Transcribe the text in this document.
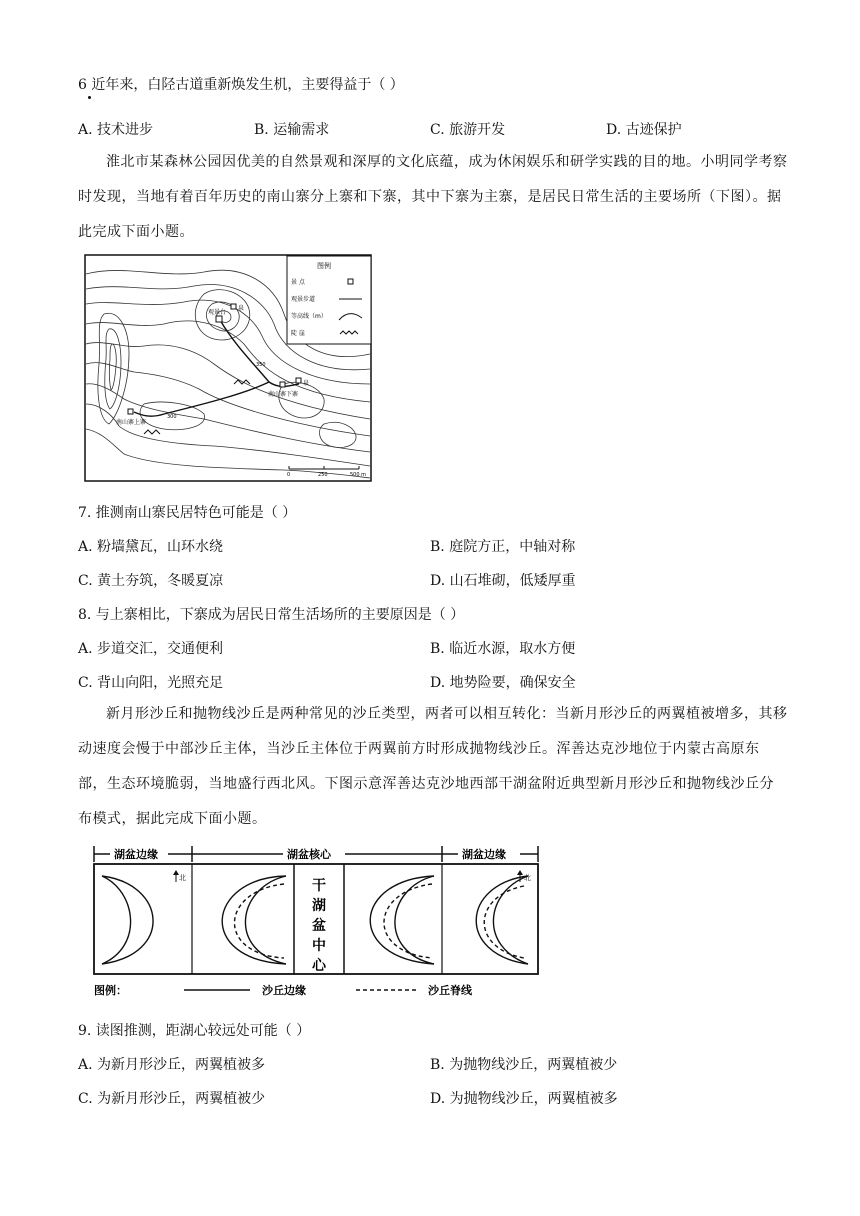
6 近年来，白陉古道重新焕发生机，主要得益于（ ）
A. 技术进步	B. 运输需求	C. 旅游开发	D. 古迹保护
淮北市某森林公园因优美的自然景观和深厚的文化底蕴，成为休闲娱乐和研学实践的目的地。小明同学考察时发现，当地有着百年历史的南山寨分上寨和下寨，其中下寨为主寨，是居民日常生活的主要场所（下图）。据此完成下面小题。
观景台
泉
泉
南山寨下寨
南山寨上寨
300
350
图例
景 点
观景步道
等高线（m）
陡 崖
0	250	500 m
7. 推测南山寨民居特色可能是（ ）
A. 粉墙黛瓦，山环水绕	B. 庭院方正，中轴对称
C. 黄土夯筑，冬暖夏凉	D. 山石堆砌，低矮厚重
8. 与上寨相比，下寨成为居民日常生活场所的主要原因是（ ）
A. 步道交汇，交通便利	B. 临近水源，取水方便
C. 背山向阳，光照充足	D. 地势险要，确保安全
新月形沙丘和抛物线沙丘是两种常见的沙丘类型，两者可以相互转化：当新月形沙丘的两翼植被增多，其移动速度会慢于中部沙丘主体，当沙丘主体位于两翼前方时形成抛物线沙丘。浑善达克沙地位于内蒙古高原东部，生态环境脆弱，当地盛行西北风。下图示意浑善达克沙地西部干湖盆附近典型新月形沙丘和抛物线沙丘分布模式，据此完成下面小题。
湖盆边缘	湖盆核心	湖盆边缘
干
湖
盆
中
心
北	北
图例：	沙丘边缘	沙丘脊线
9. 读图推测，距湖心较远处可能（ ）
A. 为新月形沙丘，两翼植被多	B. 为抛物线沙丘，两翼植被少
C. 为新月形沙丘，两翼植被少	D. 为抛物线沙丘，两翼植被多
